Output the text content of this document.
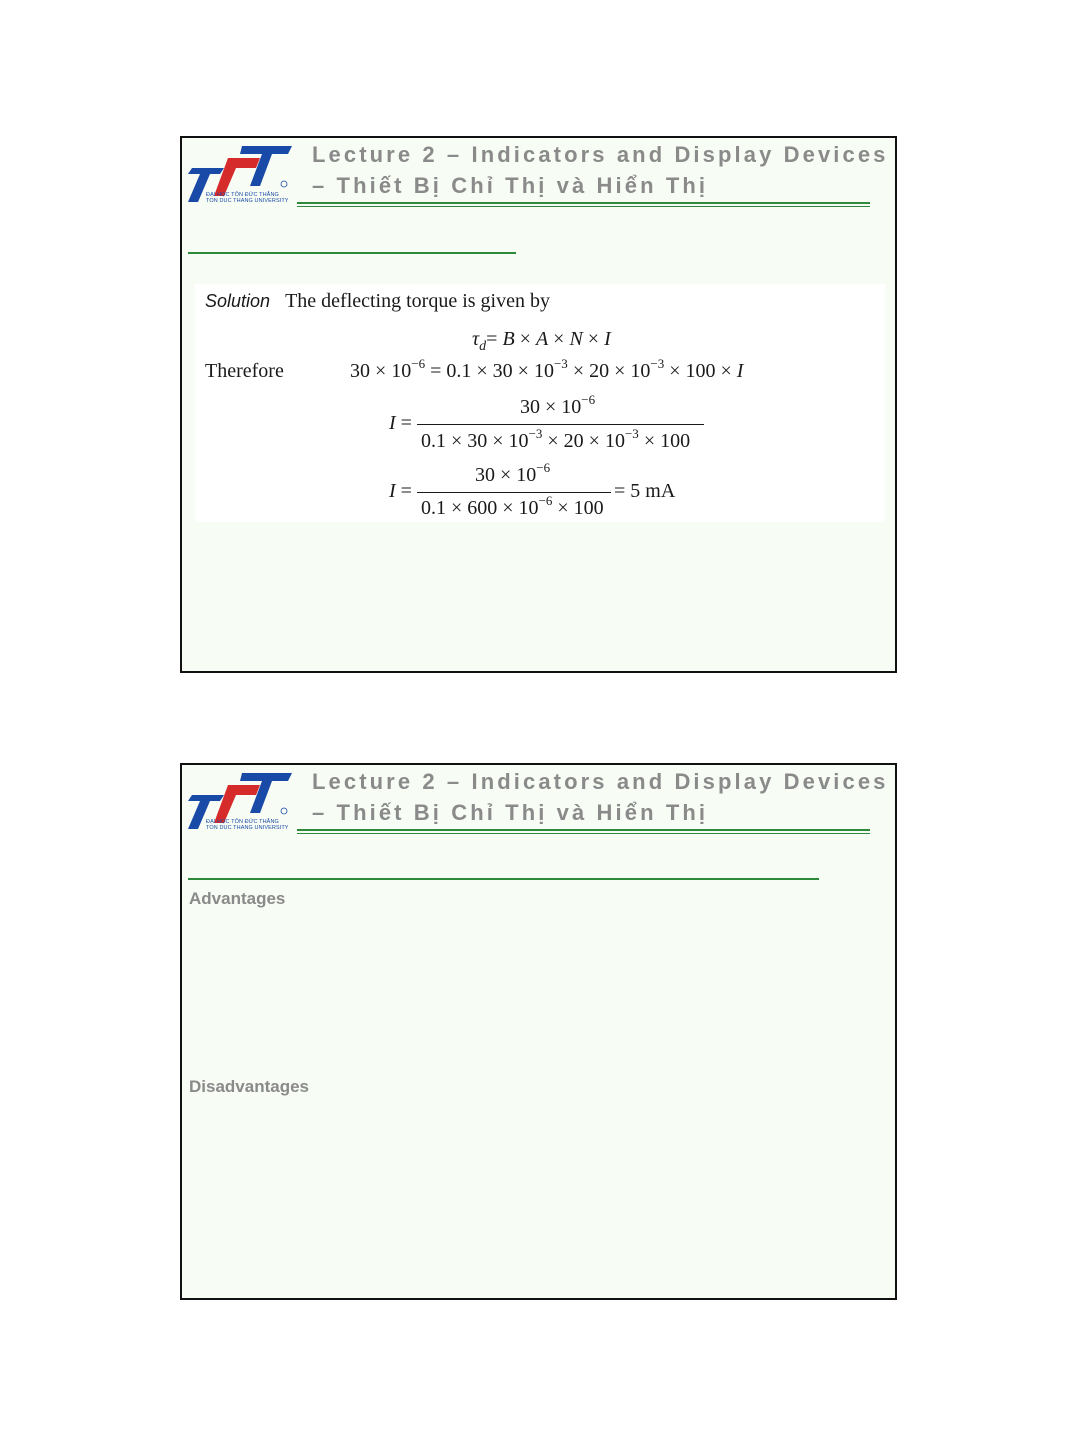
ĐẠI HỌC TÔN ĐỨC THẮNG
TON DUC THANG UNIVERSITY
Lecture 2 – Indicators and Display Devices
– Thiết Bị Chỉ Thị và Hiển Thị
Solution The deflecting torque is given by
$\tau_d= B \times A \times N \times I$
Therefore	$30 \times 10^{-6} = 0.1 \times 30 \times 10^{-3} \times 20 \times 10^{-3} \times 100 \times I$
I =
$30 \times 10^{-6}$
$0.1 \times 30 \times 10^{-3} \times 20 \times 10^{-3} \times 100$
I =
$30 \times 10^{-6}$
$0.1 \times 600 \times 10^{-6} \times 100$
= 5 mA
ĐẠI HỌC TÔN ĐỨC THẮNG
TON DUC THANG UNIVERSITY
Lecture 2 – Indicators and Display Devices
– Thiết Bị Chỉ Thị và Hiển Thị
Advantages
Disadvantages
